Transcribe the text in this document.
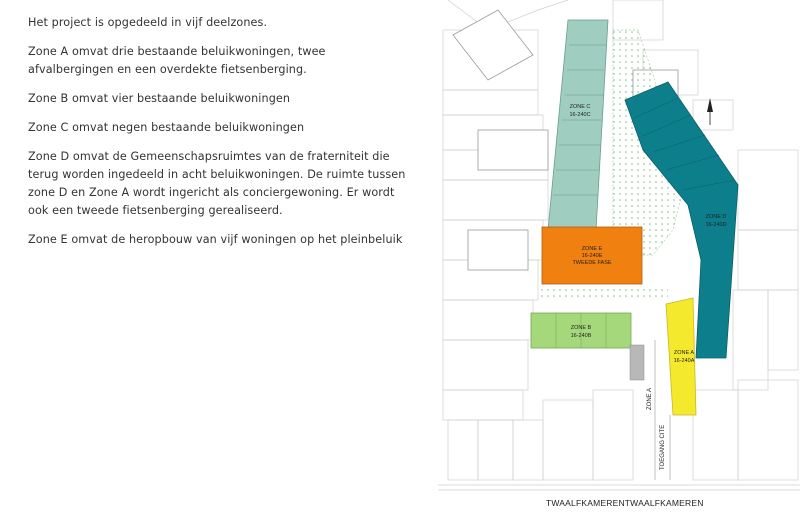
Het project is opgedeeld in vijf deelzones.

Zone A omvat drie bestaande beluikwoningen, twee afvalbergingen en een overdekte fietsenberging.

Zone B omvat vier bestaande beluikwoningen

Zone C omvat negen bestaande beluikwoningen

Zone D omvat de Gemeenschapsruimtes van de fraterniteit die terug worden ingedeeld in acht beluikwoningen. De ruimte tussen zone D en Zone A wordt ingericht als conciergewoning. Er wordt ook een tweede fietsenberging gerealiseerd.

Zone E omvat de heropbouw van vijf woningen op het pleinbeluik

ZONE C
16-240C
ZONE D
16-240D
ZONE E
16-240E
TWEEDE FASE
ZONE B
16-240B
ZONE A
16-240A
ZONE A
TOEGANG CITE
TWAALFKAMERENTWAALFKAMEREN
